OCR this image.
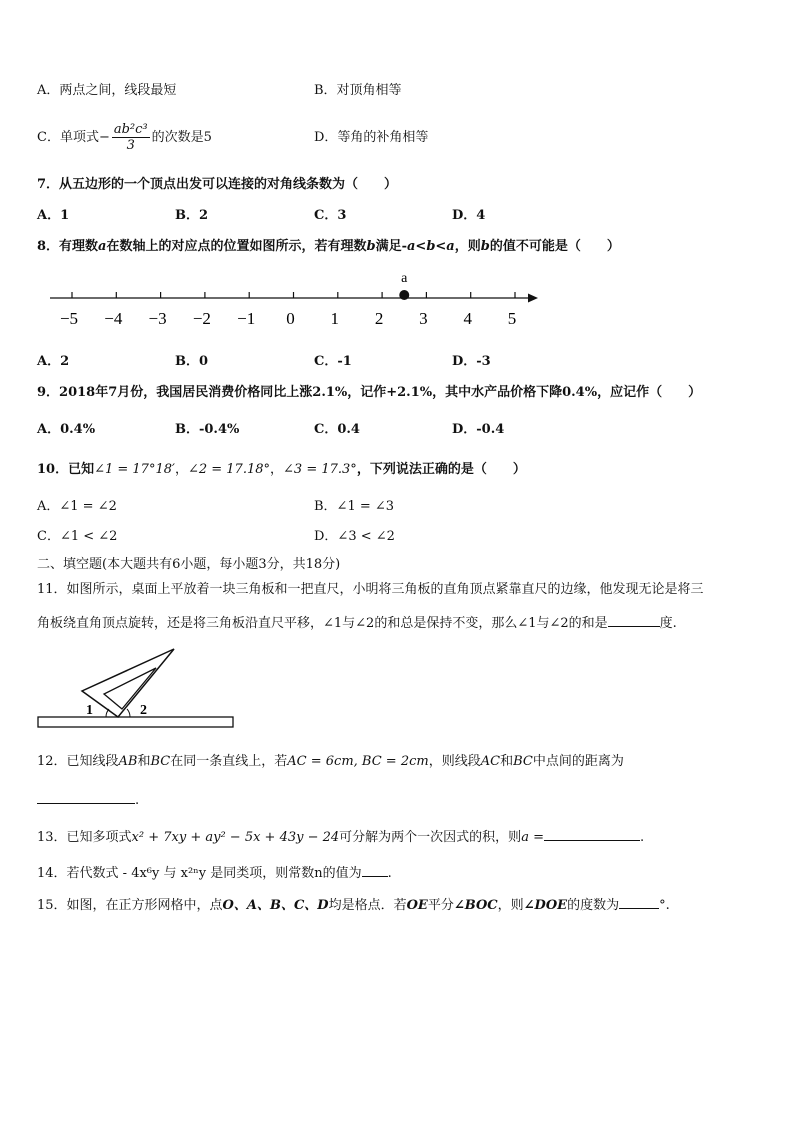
A．两点之间，线段最短	B．对顶角相等
C．单项式− $\frac{\text{ab²c³}}{3}$ 的次数是5	D．等角的补角相等
7．从五边形的一个顶点出发可以连接的对角线条数为（　　）
A．1	B．2	C．3	D．4
8．有理数a在数轴上的对应点的位置如图所示，若有理数b满足-a<b<a，则b的值不可能是（　　）
−5 −4 −3 −2 −1 0 1 2 3 4 5
a
A．2	B．0	C．-1	D．-3
9．2018年7月份，我国居民消费价格同比上涨2.1%，记作+2.1%，其中水产品价格下降0.4%，应记作（　　）
A．0.4%	B．-0.4%	C．0.4	D．-0.4
10．已知∠1 = 17°18′，∠2 = 17.18°，∠3 = 17.3°，下列说法正确的是（　　）
A．∠1 = ∠2	B．∠1 = ∠3
C．∠1 < ∠2	D．∠3 < ∠2
二、填空题(本大题共有6小题，每小题3分，共18分)
11．如图所示，桌面上平放着一块三角板和一把直尺，小明将三角板的直角顶点紧靠直尺的边缘，他发现无论是将三
角板绕直角顶点旋转，还是将三角板沿直尺平移，∠1与∠2的和总是保持不变，那么∠1与∠2的和是	度.
1	2
12．已知线段AB和BC在同一条直线上，若AC = 6cm, BC = 2cm，则线段AC和BC中点间的距离为
.
13．已知多项式x² + 7xy + ay² − 5x + 43y − 24可分解为两个一次因式的积，则a =	.
14．若代数式 - 4x⁶y 与 x²ⁿy 是同类项，则常数n的值为 .
15．如图，在正方形网格中，点O、A、B、C、D均是格点．若OE平分∠BOC，则∠DOE的度数为	°.
